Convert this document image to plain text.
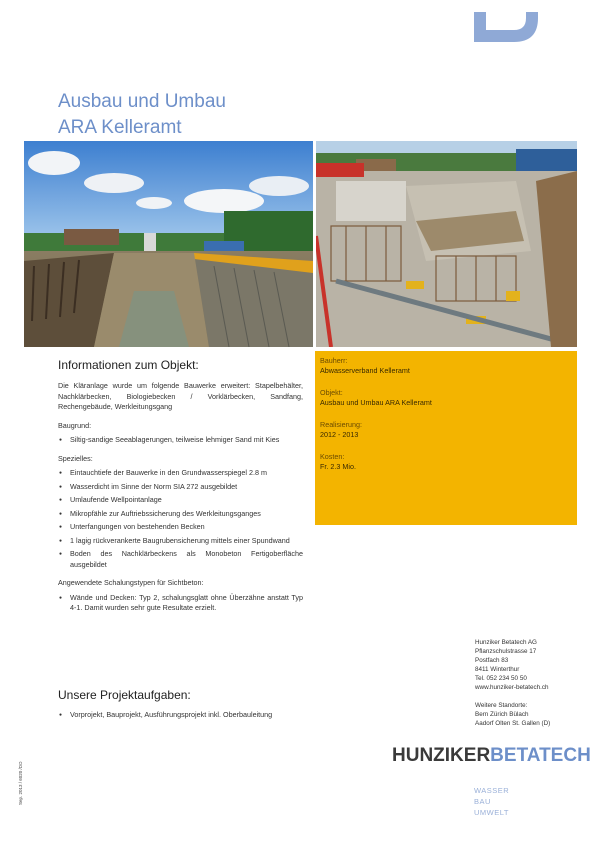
Ausbau und Umbau
ARA Kelleramt
Informationen zum Objekt:

Die Kläranlage wurde um folgende Bauwerke erweitert: Stapelbehälter, Nachklärbecken, Biologiebecken / Vorklärbecken, Sandfang, Rechengebäude, Werkleitungsgang

Baugrund:
● Siltig-sandige Seeablagerungen, teilweise lehmiger Sand mit Kies
Spezielles:
● Eintauchtiefe der Bauwerke in den Grundwasserspiegel 2.8 m
● Wasserdicht im Sinne der Norm SIA 272 ausgebildet
● Umlaufende Wellpointanlage
● Mikropfähle zur Auftriebssicherung des Werkleitungsganges
● Unterfangungen von bestehenden Becken
● 1 lagig rückverankerte Baugrubensicherung mittels einer Spundwand
● Boden des Nachklärbeckens als Monobeton Fertigoberfläche ausgebildet
Angewendete Schalungstypen für Sichtbeton:
● Wände und Decken: Typ 2, schalungsglatt ohne Überzähne anstatt Typ 4-1. Damit wurden sehr gute Resultate erzielt.
Bauherr:
Abwasserverband Kelleramt
Objekt:
Ausbau und Umbau ARA Kelleramt
Realisierung:
2012 - 2013
Kosten:
Fr. 2.3 Mio.
Unsere Projektaufgaben:
● Vorprojekt, Bauprojekt, Ausführungsprojekt inkl. Oberbauleitung
Hunziker Betatech AG
Pflanzschulstrasse 17
Postfach 83
8411 Winterthur
Tel. 052 234 50 50
www.hunziker-betatech.ch
Weitere Standorte:
Bern Zürich Bülach
Aadorf Olten St. Gallen (D)
HUNZIKERBETATECH
WASSER
BAU
UMWELT
Sep. 2013 / 6020 /DO
